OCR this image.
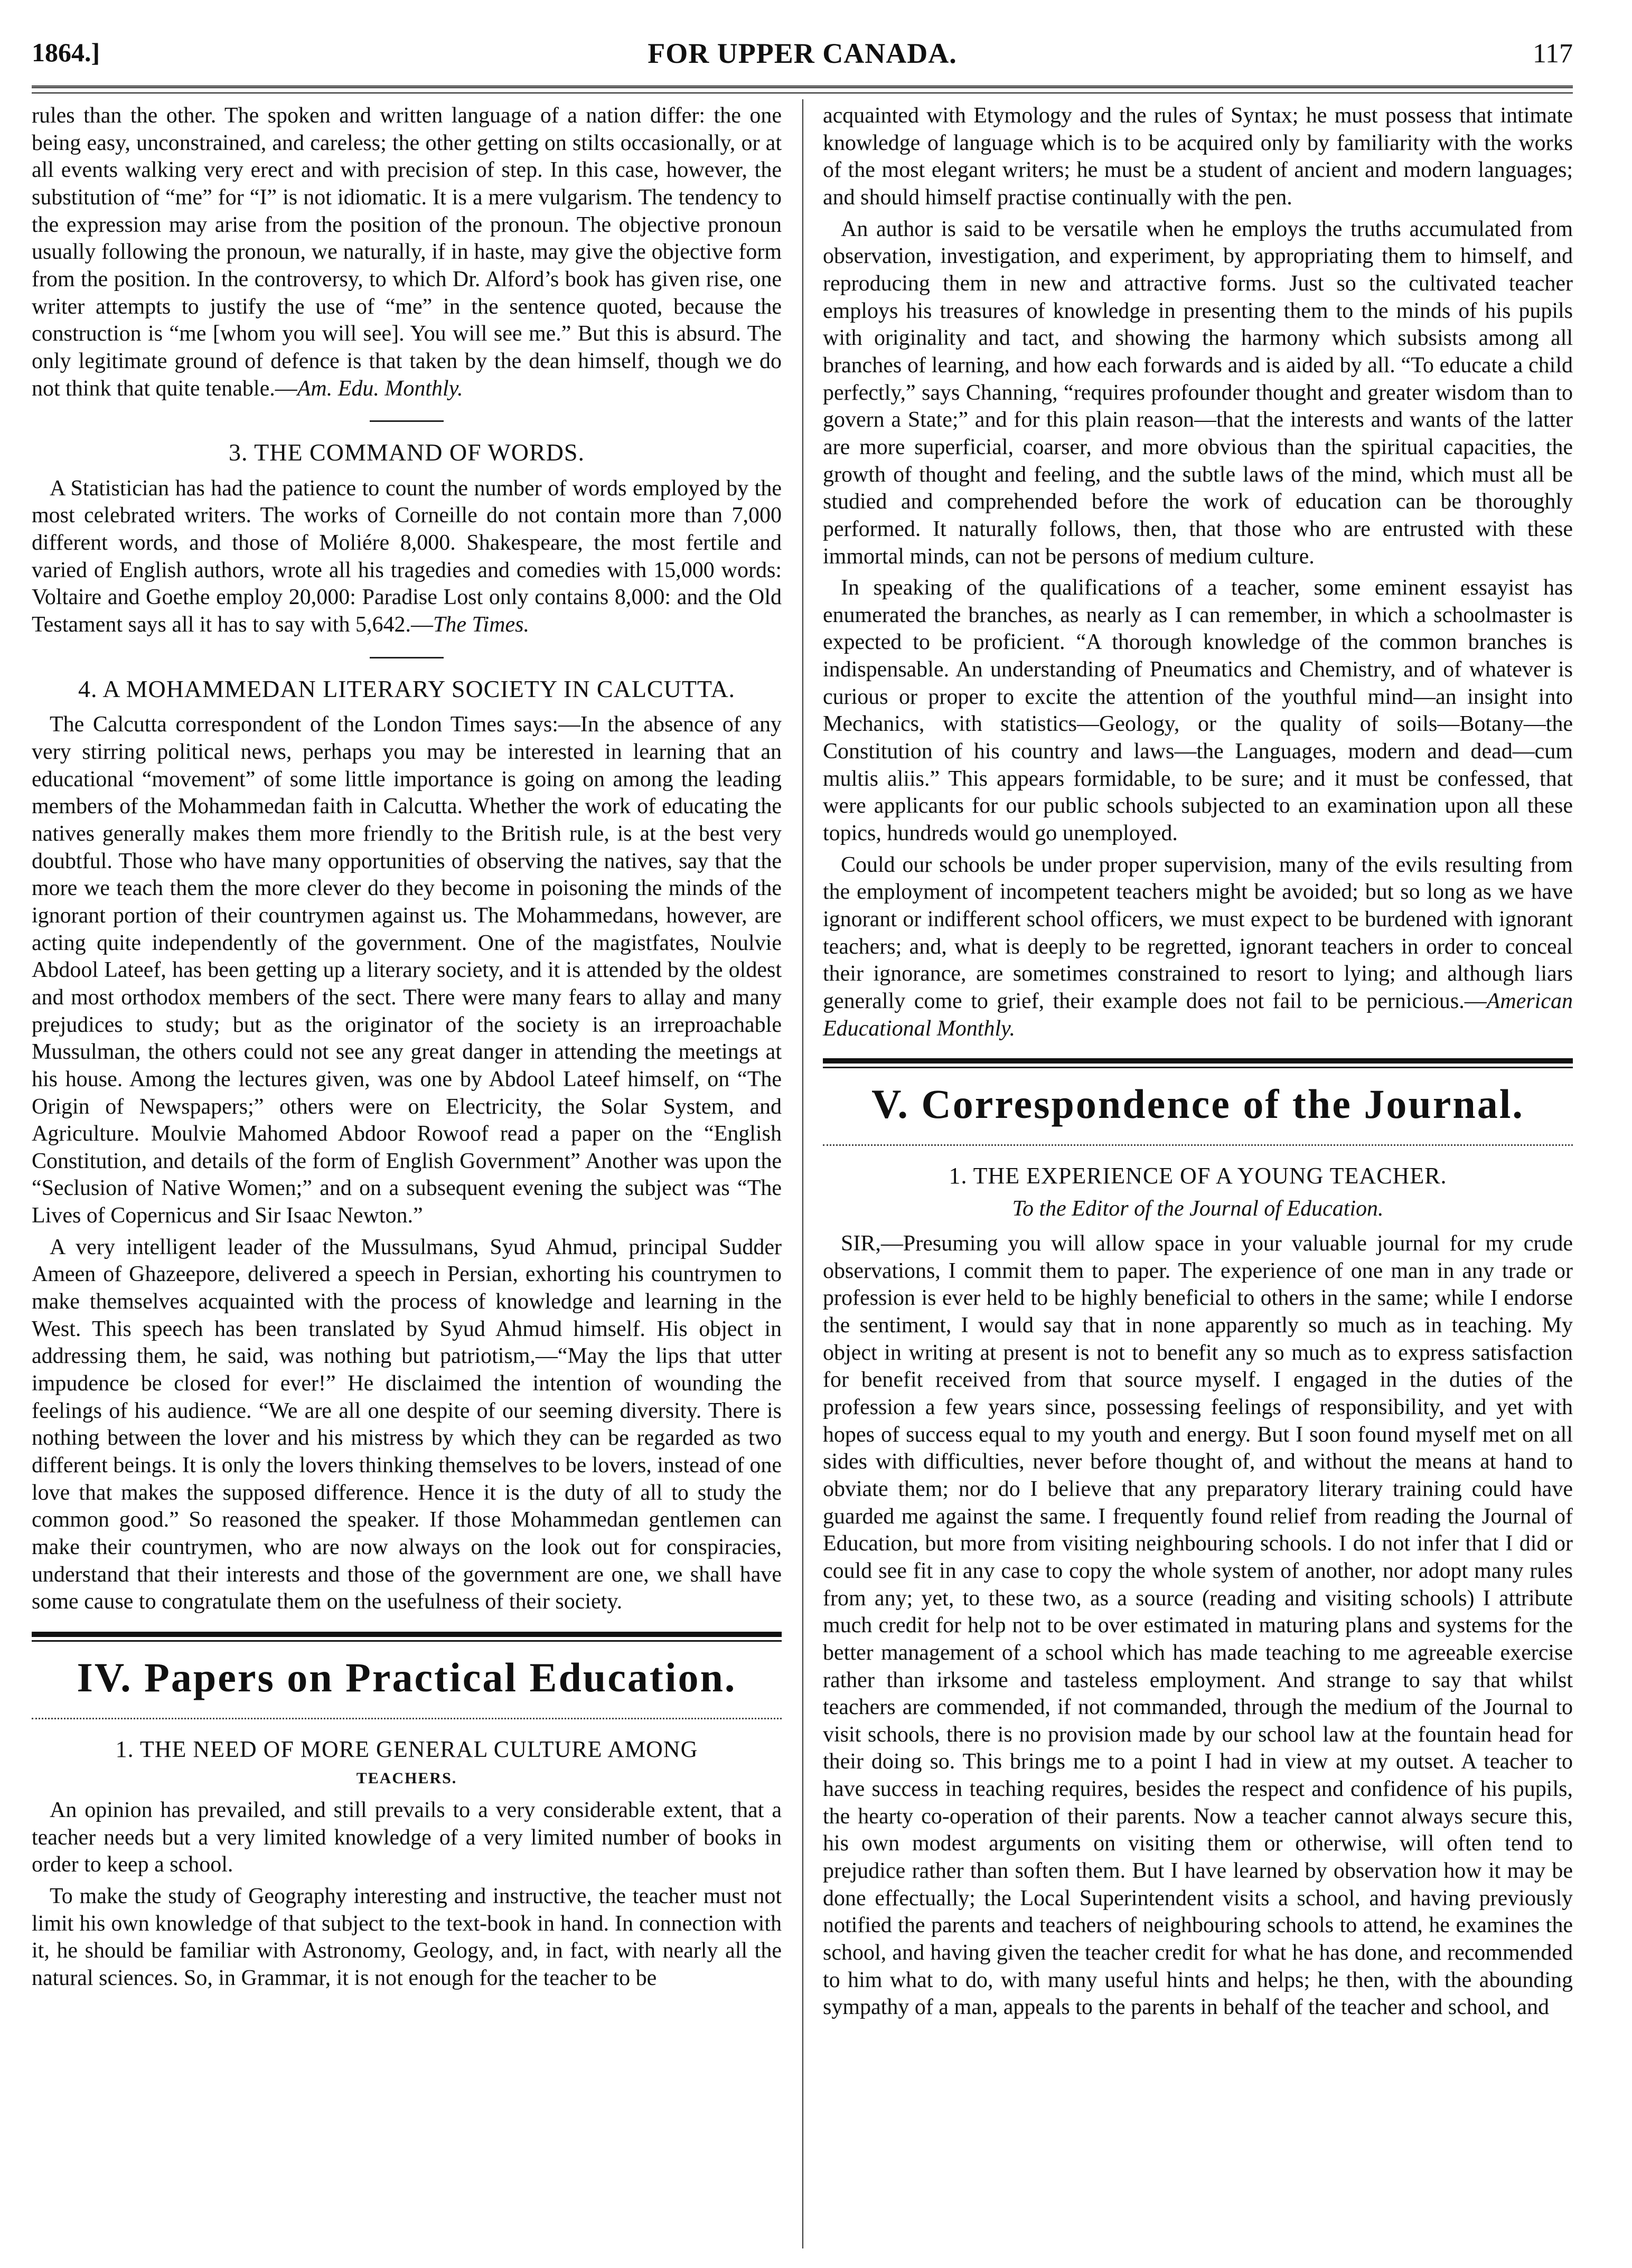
1864.]	FOR UPPER CANADA.	117

rules than the other. The spoken and written language of a nation differ: the one being easy, unconstrained, and careless; the other getting on stilts occasionally, or at all events walking very erect and with precision of step. In this case, however, the substitution of “me” for “I” is not idiomatic. It is a mere vulgarism. The tendency to the expression may arise from the position of the pronoun. The objective pronoun usually following the pronoun, we naturally, if in haste, may give the objective form from the position. In the controversy, to which Dr. Alford’s book has given rise, one writer attempts to justify the use of “me” in the sentence quoted, because the construction is “me [whom you will see]. You will see me.” But this is absurd. The only legitimate ground of defence is that taken by the dean himself, though we do not think that quite tenable.—Am. Edu. Monthly.

3. THE COMMAND OF WORDS.

A Statistician has had the patience to count the number of words employed by the most celebrated writers. The works of Corneille do not contain more than 7,000 different words, and those of Moliére 8,000. Shakespeare, the most fertile and varied of English authors, wrote all his tragedies and comedies with 15,000 words: Voltaire and Goethe employ 20,000: Paradise Lost only contains 8,000: and the Old Testament says all it has to say with 5,642.—The Times.

4. A MOHAMMEDAN LITERARY SOCIETY IN CALCUTTA.

The Calcutta correspondent of the London Times says:—In the absence of any very stirring political news, perhaps you may be interested in learning that an educational “movement” of some little importance is going on among the leading members of the Mohammedan faith in Calcutta. Whether the work of educating the natives generally makes them more friendly to the British rule, is at the best very doubtful. Those who have many opportunities of observing the natives, say that the more we teach them the more clever do they become in poisoning the minds of the ignorant portion of their countrymen against us. The Mohammedans, however, are acting quite independently of the government. One of the magistfates, Noulvie Abdool Lateef, has been getting up a literary society, and it is attended by the oldest and most orthodox members of the sect. There were many fears to allay and many prejudices to study; but as the originator of the society is an irreproachable Mussulman, the others could not see any great danger in attending the meetings at his house. Among the lectures given, was one by Abdool Lateef himself, on “The Origin of Newspapers;” others were on Electricity, the Solar System, and Agriculture. Moulvie Mahomed Abdoor Rowoof read a paper on the “English Constitution, and details of the form of English Government” Another was upon the “Seclusion of Native Women;” and on a subsequent evening the subject was “The Lives of Copernicus and Sir Isaac Newton.”

A very intelligent leader of the Mussulmans, Syud Ahmud, principal Sudder Ameen of Ghazeepore, delivered a speech in Persian, exhorting his countrymen to make themselves acquainted with the process of knowledge and learning in the West. This speech has been translated by Syud Ahmud himself. His object in addressing them, he said, was nothing but patriotism,—“May the lips that utter impudence be closed for ever!” He disclaimed the intention of wounding the feelings of his audience. “We are all one despite of our seeming diversity. There is nothing between the lover and his mistress by which they can be regarded as two different beings. It is only the lovers thinking themselves to be lovers, instead of one love that makes the supposed difference. Hence it is the duty of all to study the common good.” So reasoned the speaker. If those Mohammedan gentlemen can make their countrymen, who are now always on the look out for conspiracies, understand that their interests and those of the government are one, we shall have some cause to congratulate them on the usefulness of their society.

IV. Papers on Practical Education.
1. THE NEED OF MORE GENERAL CULTURE AMONG
TEACHERS.

An opinion has prevailed, and still prevails to a very considerable extent, that a teacher needs but a very limited knowledge of a very limited number of books in order to keep a school.

To make the study of Geography interesting and instructive, the teacher must not limit his own knowledge of that subject to the text-book in hand. In connection with it, he should be familiar with Astronomy, Geology, and, in fact, with nearly all the natural sciences. So, in Grammar, it is not enough for the teacher to be

acquainted with Etymology and the rules of Syntax; he must possess that intimate knowledge of language which is to be acquired only by familiarity with the works of the most elegant writers; he must be a student of ancient and modern languages; and should himself practise continually with the pen.

An author is said to be versatile when he employs the truths accumulated from observation, investigation, and experiment, by appropriating them to himself, and reproducing them in new and attractive forms. Just so the cultivated teacher employs his treasures of knowledge in presenting them to the minds of his pupils with originality and tact, and showing the harmony which subsists among all branches of learning, and how each forwards and is aided by all. “To educate a child perfectly,” says Channing, “requires profounder thought and greater wisdom than to govern a State;” and for this plain reason—that the interests and wants of the latter are more superficial, coarser, and more obvious than the spiritual capacities, the growth of thought and feeling, and the subtle laws of the mind, which must all be studied and comprehended before the work of education can be thoroughly performed. It naturally follows, then, that those who are entrusted with these immortal minds, can not be persons of medium culture.

In speaking of the qualifications of a teacher, some eminent essayist has enumerated the branches, as nearly as I can remember, in which a schoolmaster is expected to be proficient. “A thorough knowledge of the common branches is indispensable. An understanding of Pneumatics and Chemistry, and of whatever is curious or proper to excite the attention of the youthful mind—an insight into Mechanics, with statistics—Geology, or the quality of soils—Botany—the Constitution of his country and laws—the Languages, modern and dead—cum multis aliis.” This appears formidable, to be sure; and it must be confessed, that were applicants for our public schools subjected to an examination upon all these topics, hundreds would go unemployed.

Could our schools be under proper supervision, many of the evils resulting from the employment of incompetent teachers might be avoided; but so long as we have ignorant or indifferent school officers, we must expect to be burdened with ignorant teachers; and, what is deeply to be regretted, ignorant teachers in order to conceal their ignorance, are sometimes constrained to resort to lying; and although liars generally come to grief, their example does not fail to be pernicious.—American Educational Monthly.

V. Correspondence of the Journal.
1. THE EXPERIENCE OF A YOUNG TEACHER.
To the Editor of the Journal of Education.

SIR,—Presuming you will allow space in your valuable journal for my crude observations, I commit them to paper. The experience of one man in any trade or profession is ever held to be highly beneficial to others in the same; while I endorse the sentiment, I would say that in none apparently so much as in teaching. My object in writing at present is not to benefit any so much as to express satisfaction for benefit received from that source myself. I engaged in the duties of the profession a few years since, possessing feelings of responsibility, and yet with hopes of success equal to my youth and energy. But I soon found myself met on all sides with difficulties, never before thought of, and without the means at hand to obviate them; nor do I believe that any preparatory literary training could have guarded me against the same. I frequently found relief from reading the Journal of Education, but more from visiting neighbouring schools. I do not infer that I did or could see fit in any case to copy the whole system of another, nor adopt many rules from any; yet, to these two, as a source (reading and visiting schools) I attribute much credit for help not to be over estimated in maturing plans and systems for the better management of a school which has made teaching to me agreeable exercise rather than irksome and tasteless employment. And strange to say that whilst teachers are commended, if not commanded, through the medium of the Journal to visit schools, there is no provision made by our school law at the fountain head for their doing so. This brings me to a point I had in view at my outset. A teacher to have success in teaching requires, besides the respect and confidence of his pupils, the hearty co-operation of their parents. Now a teacher cannot always secure this, his own modest arguments on visiting them or otherwise, will often tend to prejudice rather than soften them. But I have learned by observation how it may be done effectually; the Local Superintendent visits a school, and having previously notified the parents and teachers of neighbouring schools to attend, he examines the school, and having given the teacher credit for what he has done, and recommended to him what to do, with many useful hints and helps; he then, with the abounding sympathy of a man, appeals to the parents in behalf of the teacher and school, and
